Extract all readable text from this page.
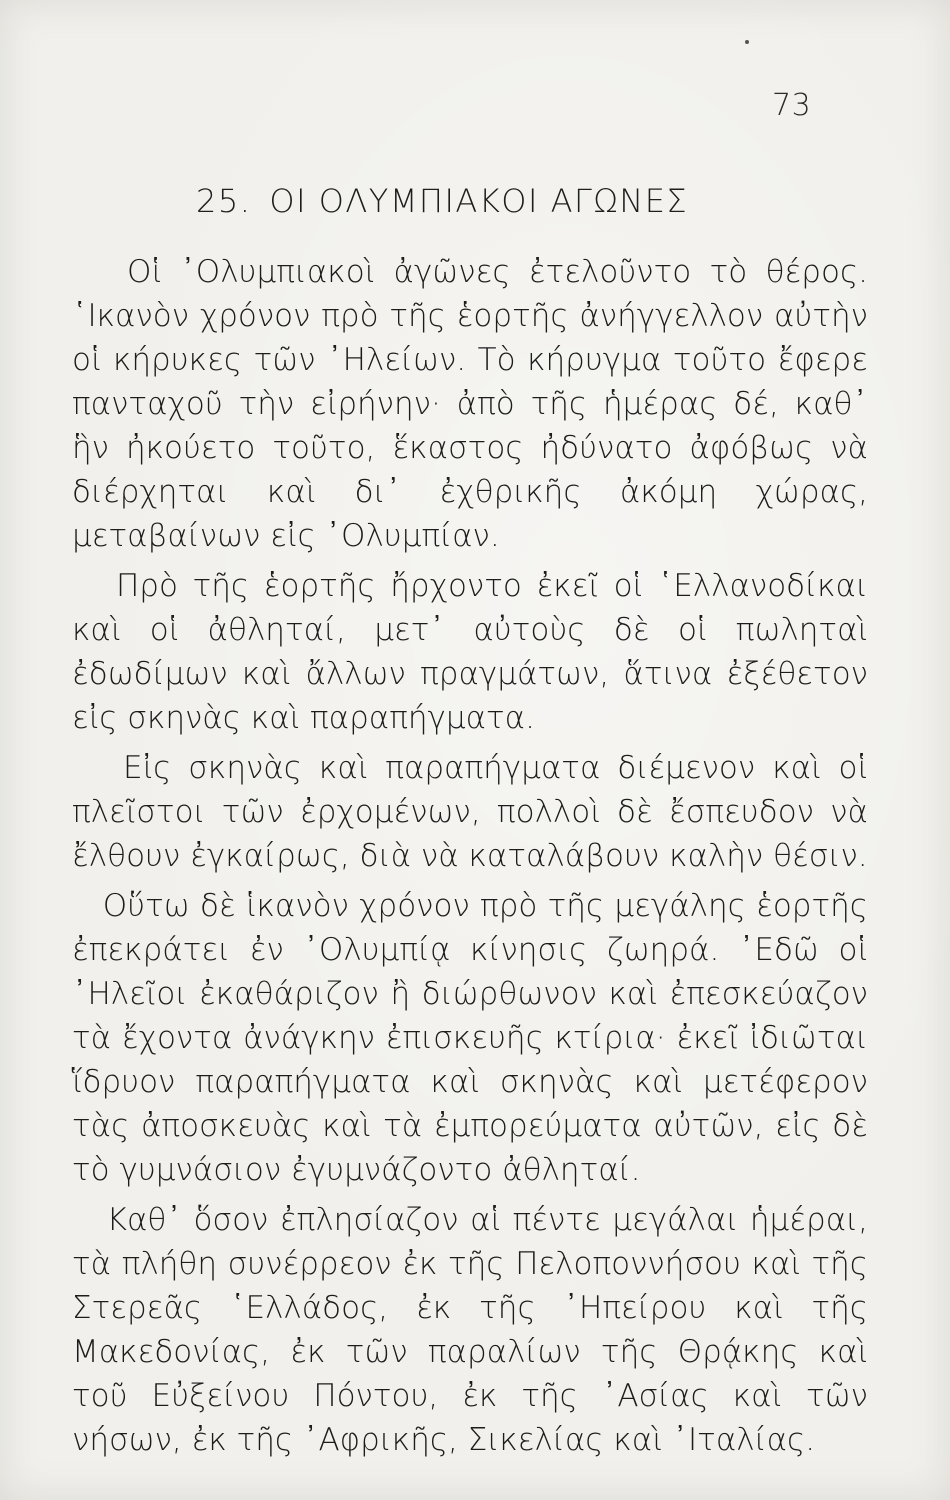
73
25. ΟΙ ΟΛΥΜΠΙΑΚΟΙ ΑΓΩΝΕΣ

Οἱ ᾿Ολυμπιακοὶ ἀγῶνες ἐτελοῦντο τὸ θέρος. ῾Ικανὸν χρόνον πρὸ τῆς ἑορτῆς ἀνήγγελλον αὐτὴν οἱ κήρυκες τῶν ᾿Ηλείων. Τὸ κήρυγμα τοῦτο ἔφερε πανταχοῦ τὴν εἰρήνην· ἀπὸ τῆς ἡμέρας δέ, καθ᾿ ἣν ἠκούετο τοῦτο, ἕκαστος ἠδύνατο ἀφόβως νὰ διέρχηται καὶ δι᾿ ἐχθρικῆς ἀκόμη χώρας, μεταβαίνων εἰς ᾿Ολυμπίαν.

Πρὸ τῆς ἑορτῆς ἤρχοντο ἐκεῖ οἱ ῾Ελλανοδίκαι καὶ οἱ ἀθληταί, μετ᾿ αὐτοὺς δὲ οἱ πωληταὶ ἐδωδίμων καὶ ἄλλων πραγμάτων, ἅτινα ἐξέθετον εἰς σκηνὰς καὶ παραπήγματα.

Εἰς σκηνὰς καὶ παραπήγματα διέμενον καὶ οἱ πλεῖστοι τῶν ἐρχομένων, πολλοὶ δὲ ἔσπευδον νὰ ἔλθουν ἐγκαίρως, διὰ νὰ καταλάβουν καλὴν θέσιν.

Οὕτω δὲ ἱκανὸν χρόνον πρὸ τῆς μεγάλης ἑορτῆς ἐπεκράτει ἐν ᾿Ολυμπίᾳ κίνησις ζωηρά. ᾿Εδῶ οἱ ᾿Ηλεῖοι ἐκαθάριζον ἢ διώρθωνον καὶ ἐπεσκεύαζον τὰ ἔχοντα ἀνάγκην ἐπισκευῆς κτίρια· ἐκεῖ ἰδιῶται ἵδρυον παραπήγματα καὶ σκηνὰς καὶ μετέφερον τὰς ἀποσκευὰς καὶ τὰ ἐμπορεύματα αὐτῶν, εἰς δὲ τὸ γυμνάσιον ἐγυμνάζοντο ἀθληταί.

Καθ᾿ ὅσον ἐπλησίαζον αἱ πέντε μεγάλαι ἡμέραι, τὰ πλήθη συνέρρεον ἐκ τῆς Πελοποννήσου καὶ τῆς Στερεᾶς ῾Ελλάδος, ἐκ τῆς ᾿Ηπείρου καὶ τῆς Μακεδονίας, ἐκ τῶν παραλίων τῆς Θρᾴκης καὶ τοῦ Εὐξείνου Πόντου, ἐκ τῆς ᾿Ασίας καὶ τῶν νήσων, ἐκ τῆς ᾿Αφρικῆς, Σικελίας καὶ ᾿Ιταλίας.
